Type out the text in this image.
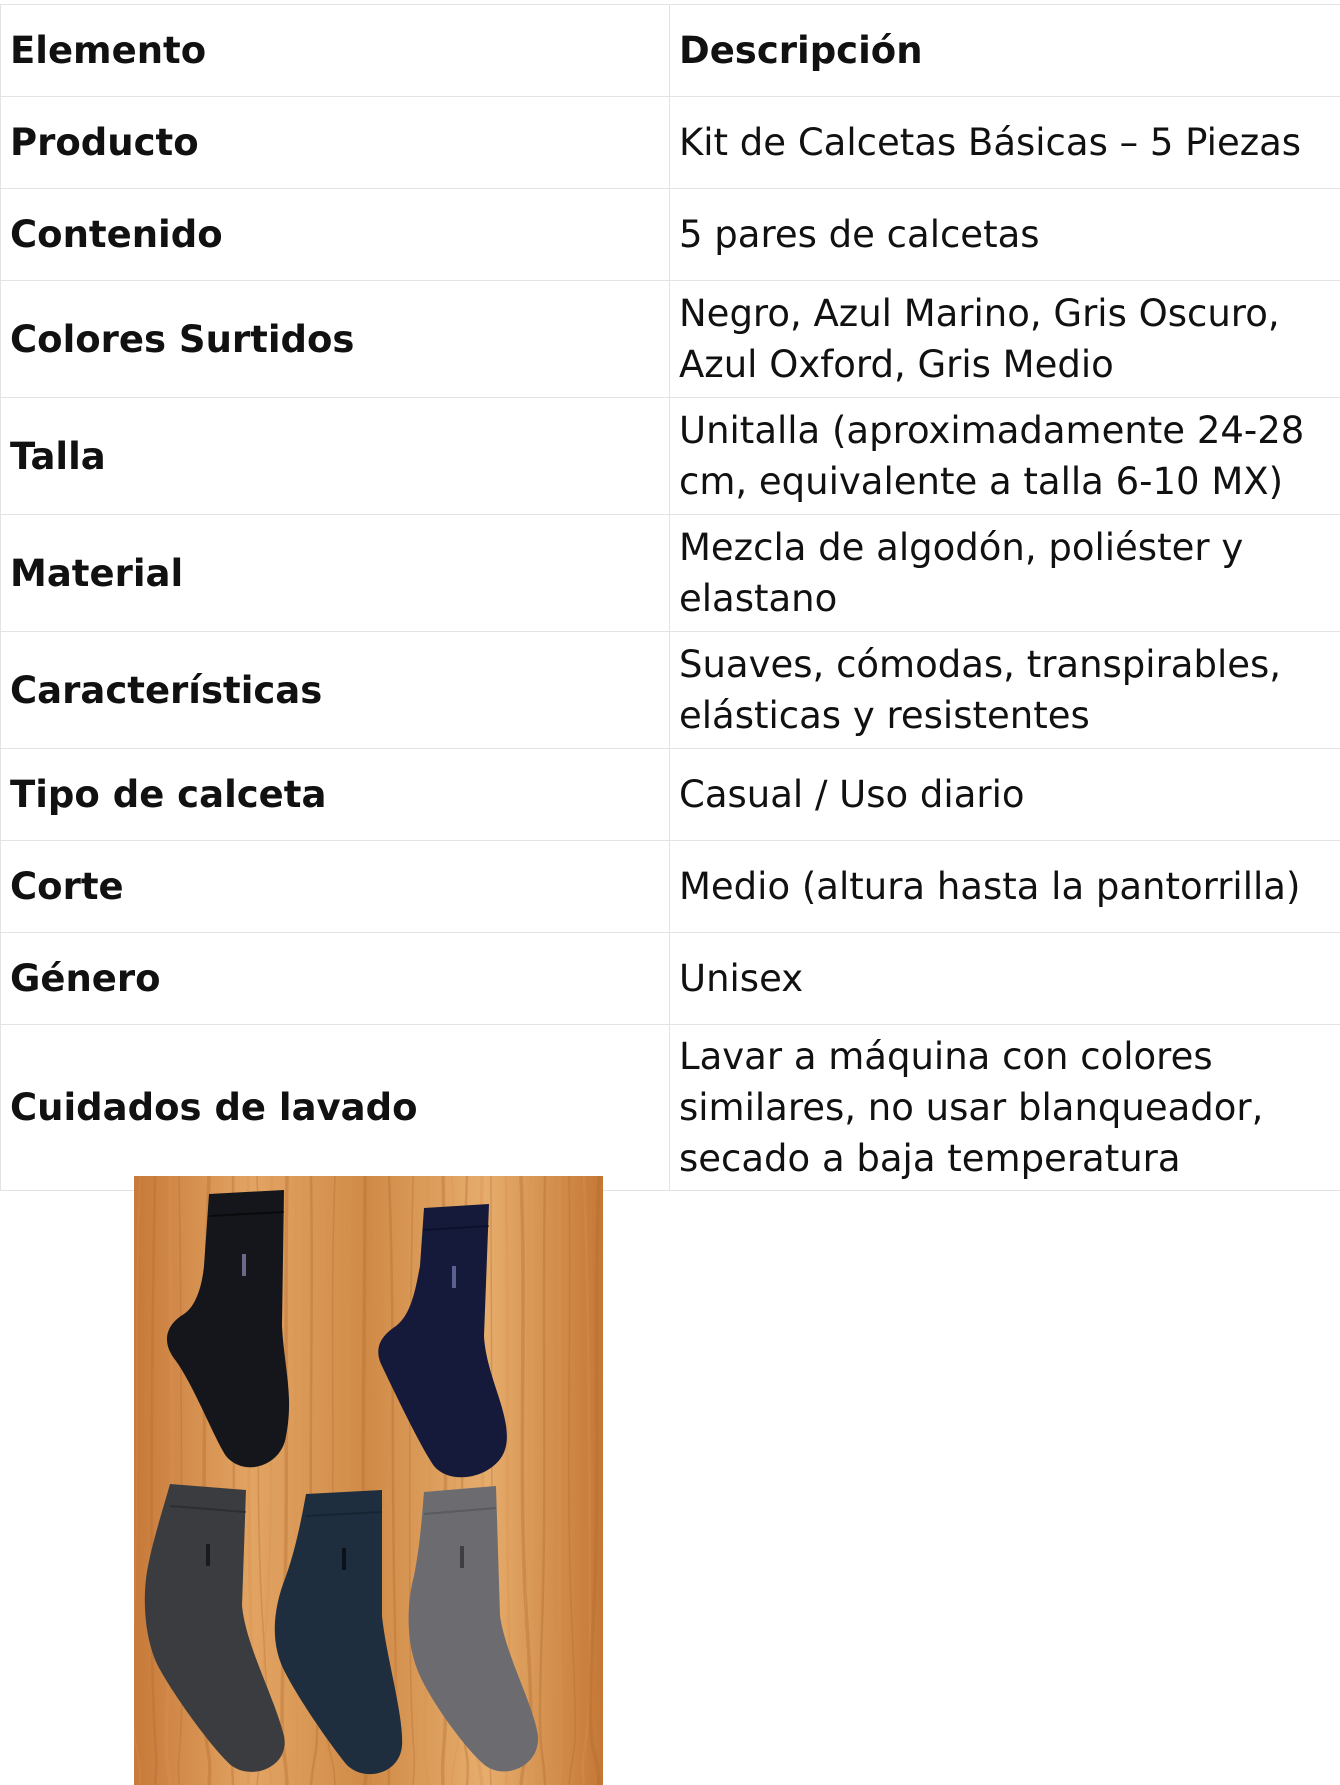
Elemento	Descripción
Producto	Kit de Calcetas Básicas – 5 Piezas
Contenido	5 pares de calcetas
Colores Surtidos	Negro, Azul Marino, Gris Oscuro, Azul Oxford, Gris Medio
Talla	Unitalla (aproximadamente 24-28 cm, equivalente a talla 6-10 MX)
Material	Mezcla de algodón, poliéster y elastano
Características	Suaves, cómodas, transpirables, elásticas y resistentes
Tipo de calceta	Casual / Uso diario
Corte	Medio (altura hasta la pantorrilla)
Género	Unisex
Cuidados de lavado	Lavar a máquina con colores similares, no usar blanqueador, secado a baja temperatura
